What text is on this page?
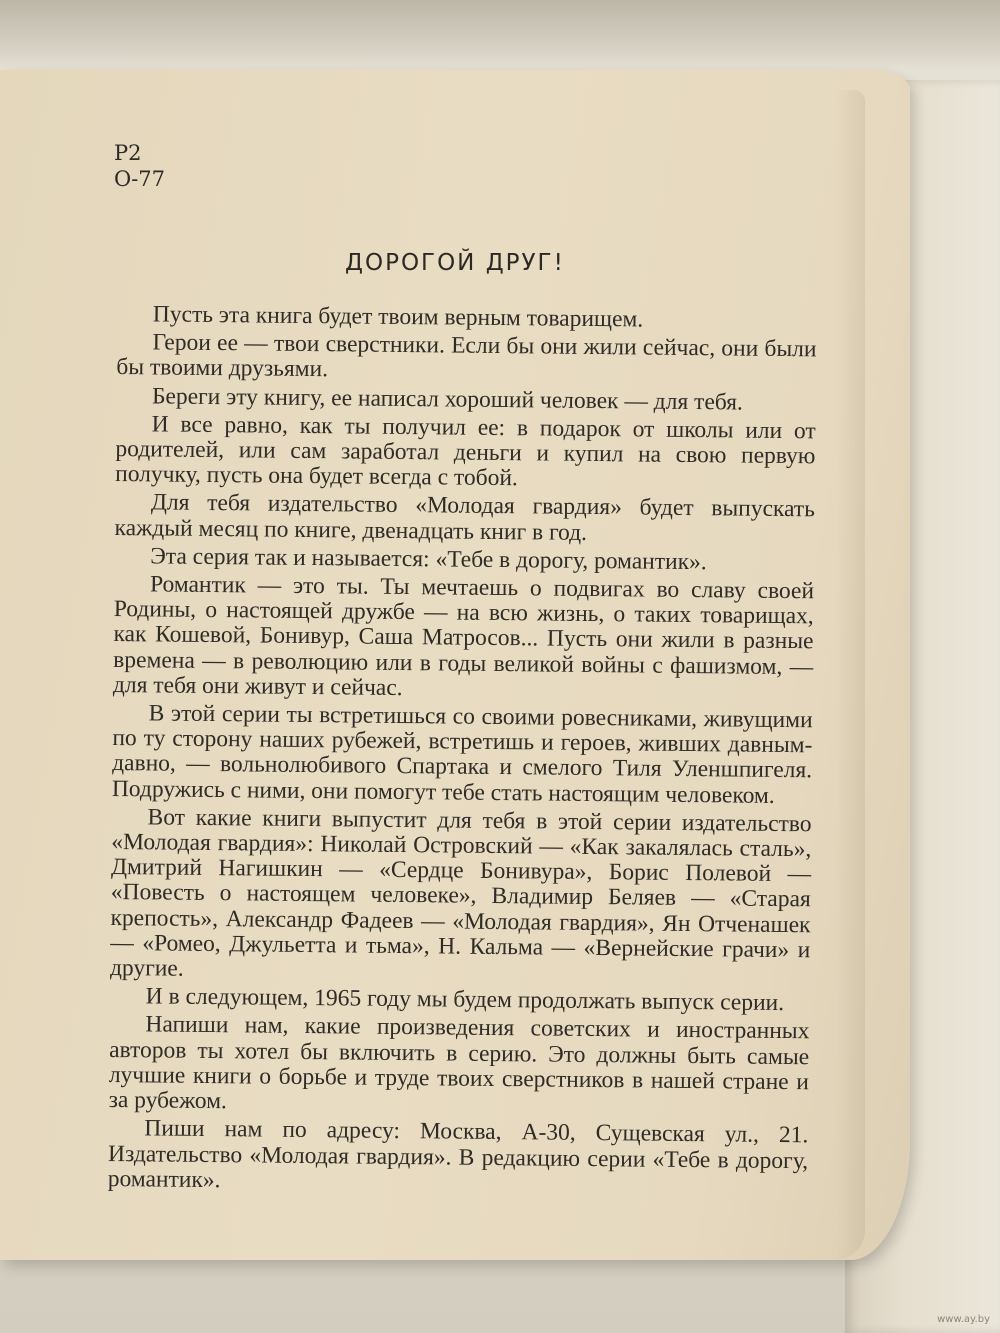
Р2
О-77
ДОРОГОЙ ДРУГ!

Пусть эта книга будет твоим верным товарищем.

Герои ее — твои сверстники. Если бы они жили сейчас, они были бы твоими друзьями.

Береги эту книгу, ее написал хороший человек — для тебя.

И все равно, как ты получил ее: в подарок от школы или от родителей, или сам заработал деньги и купил на свою первую получку, пусть она будет всегда с тобой.

Для тебя издательство «Молодая гвардия» будет выпускать каждый месяц по книге, двенадцать книг в год.

Эта серия так и называется: «Тебе в дорогу, романтик».

Романтик — это ты. Ты мечтаешь о подвигах во славу своей Родины, о настоящей дружбе — на всю жизнь, о таких товарищах, как Кошевой, Бонивур, Саша Матросов... Пусть они жили в разные времена — в революцию или в годы великой войны с фашизмом, — для тебя они живут и сейчас.

В этой серии ты встретишься со своими ровесниками, живущими по ту сторону наших рубежей, встретишь и героев, живших давным-давно, — вольнолюбивого Спартака и смелого Тиля Уленшпигеля. Подружись с ними, они помогут тебе стать настоящим человеком.

Вот какие книги выпустит для тебя в этой серии издательство «Молодая гвардия»: Николай Островский — «Как закалялась сталь», Дмитрий Нагишкин — «Сердце Бонивура», Борис Полевой — «Повесть о настоящем человеке», Владимир Беляев — «Старая крепость», Александр Фадеев — «Молодая гвардия», Ян Отченашек — «Ромео, Джульетта и тьма», Н. Кальма — «Вернейские грачи» и другие.

И в следующем, 1965 году мы будем продолжать выпуск серии.

Напиши нам, какие произведения советских и иностранных авторов ты хотел бы включить в серию. Это должны быть самые лучшие книги о борьбе и труде твоих сверстников в нашей стране и за рубежом.

Пиши нам по адресу: Москва, А-30, Сущевская ул., 21. Издательство «Молодая гвардия». В редакцию серии «Тебе в дорогу, романтик».

www.ay.by
